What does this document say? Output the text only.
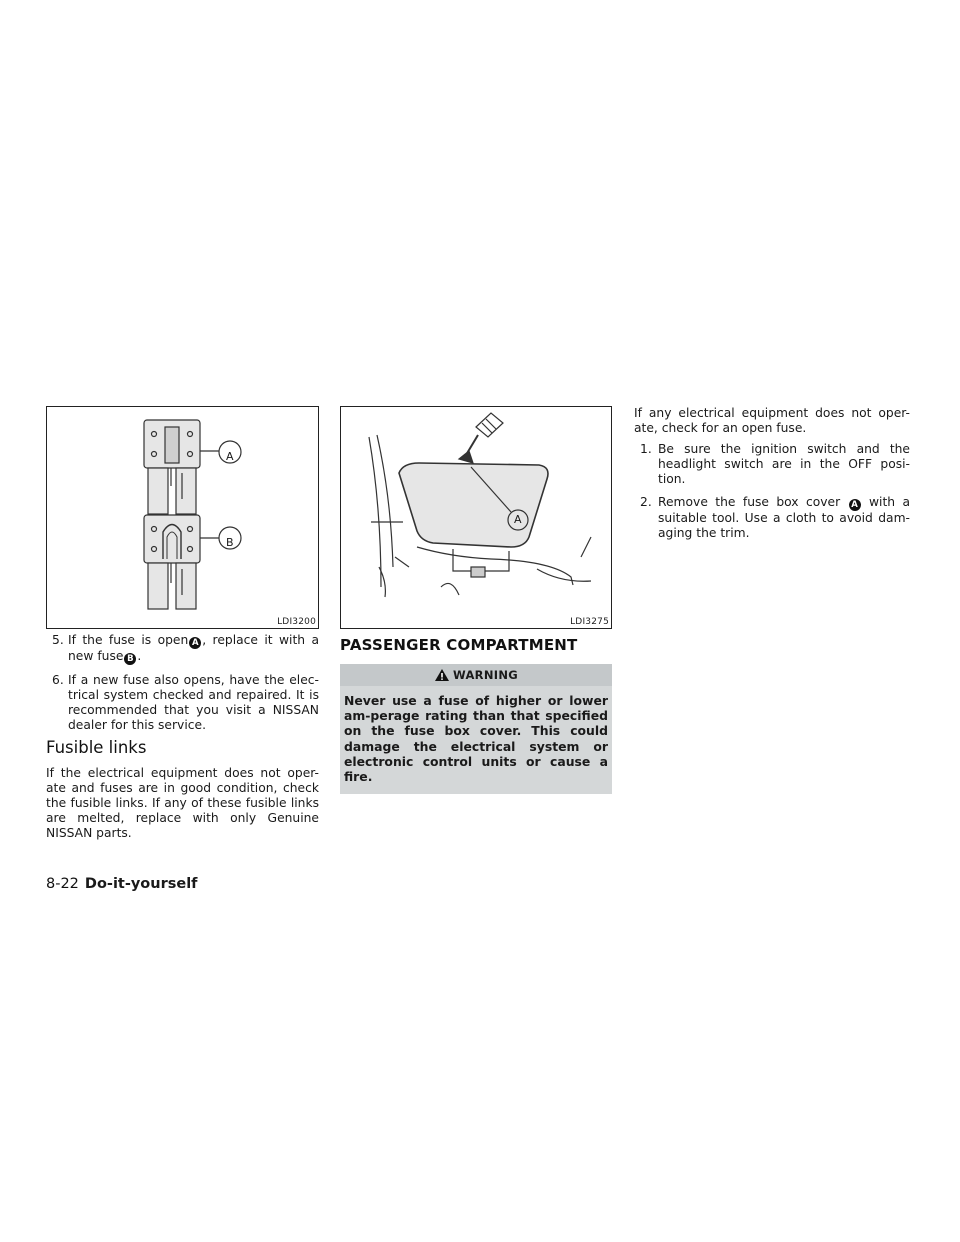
A
B
LDI3200
A
LDI3275
5. If the fuse is open A , replace it with a new fuse B .
6. If a new fuse also opens, have the elec-trical system checked and repaired. It is recommended that you visit a NISSAN dealer for this service.
Fusible links

If the electrical equipment does not oper-ate and fuses are in good condition, check the fusible links. If any of these fusible links are melted, replace with only Genuine NISSAN parts.

PASSENGER COMPARTMENT
WARNING
Never use a fuse of higher or lower am-perage rating than that specified on the fuse box cover. This could damage the electrical system or electronic control units or cause a fire.

If any electrical equipment does not oper-ate, check for an open fuse.

1. Be sure the ignition switch and the headlight switch are in the OFF posi-tion.
2. Remove the fuse box cover A with a suitable tool. Use a cloth to avoid dam-aging the trim.
8-22 Do-it-yourself
